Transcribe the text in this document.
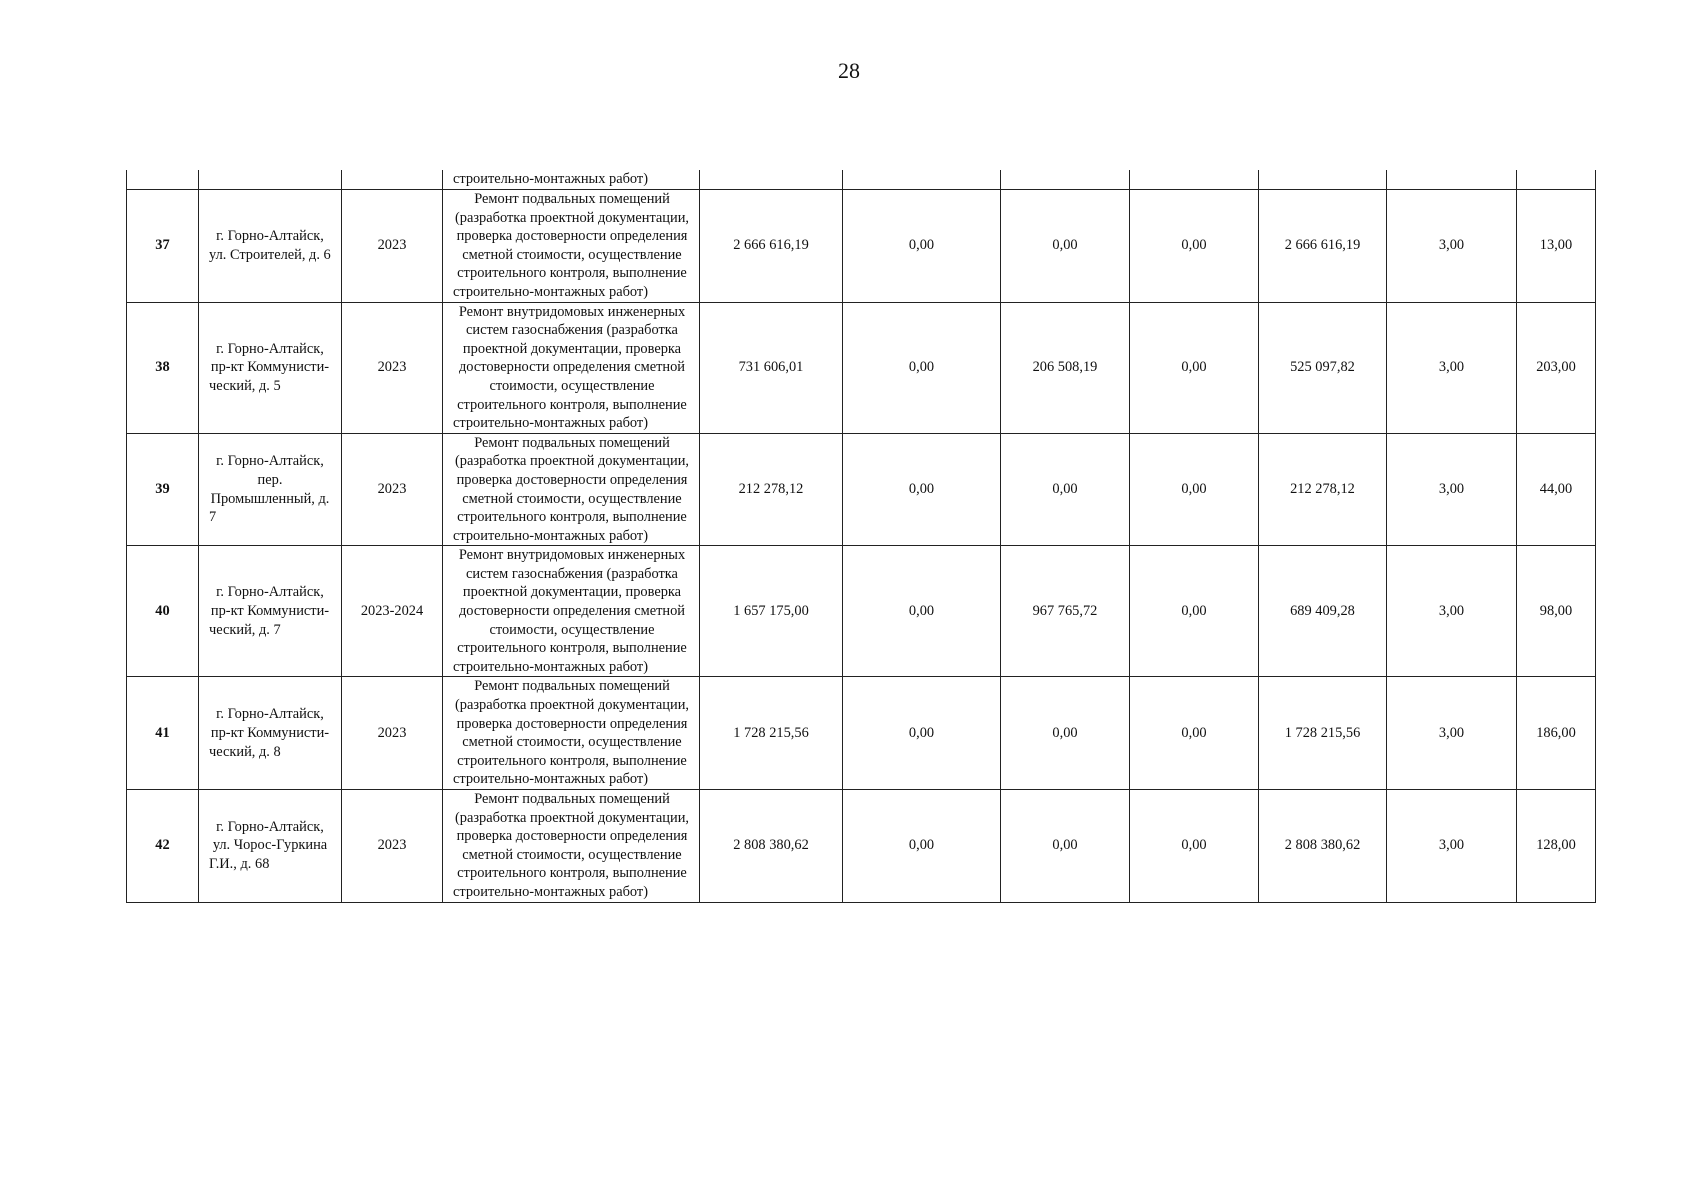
28
			строительно-монтажных работ)							
37	г. Горно-Алтайск, ул. Строителей, д. 6	2023	Ремонт подвальных помещений (разработка проектной документации, проверка достоверности определения сметной стоимости, осуществление строительного контроля, выполнение строительно-монтажных работ)	2 666 616,19	0,00	0,00	0,00	2 666 616,19	3,00	13,00
38	г. Горно-Алтайск, пр-кт Коммунисти-ческий, д. 5	2023	Ремонт внутридомовых инженерных систем газоснабжения (разработка проектной документации, проверка достоверности определения сметной стоимости, осуществление строительного контроля, выполнение строительно-монтажных работ)	731 606,01	0,00	206 508,19	0,00	525 097,82	3,00	203,00
39	г. Горно-Алтайск, пер. Промышленный, д. 7	2023	Ремонт подвальных помещений (разработка проектной документации, проверка достоверности определения сметной стоимости, осуществление строительного контроля, выполнение строительно-монтажных работ)	212 278,12	0,00	0,00	0,00	212 278,12	3,00	44,00
40	г. Горно-Алтайск, пр-кт Коммунисти-ческий, д. 7	2023-2024	Ремонт внутридомовых инженерных систем газоснабжения (разработка проектной документации, проверка достоверности определения сметной стоимости, осуществление строительного контроля, выполнение строительно-монтажных работ)	1 657 175,00	0,00	967 765,72	0,00	689 409,28	3,00	98,00
41	г. Горно-Алтайск, пр-кт Коммунисти-ческий, д. 8	2023	Ремонт подвальных помещений (разработка проектной документации, проверка достоверности определения сметной стоимости, осуществление строительного контроля, выполнение строительно-монтажных работ)	1 728 215,56	0,00	0,00	0,00	1 728 215,56	3,00	186,00
42	г. Горно-Алтайск, ул. Чорос-Гуркина Г.И., д. 68	2023	Ремонт подвальных помещений (разработка проектной документации, проверка достоверности определения сметной стоимости, осуществление строительного контроля, выполнение строительно-монтажных работ)	2 808 380,62	0,00	0,00	0,00	2 808 380,62	3,00	128,00
